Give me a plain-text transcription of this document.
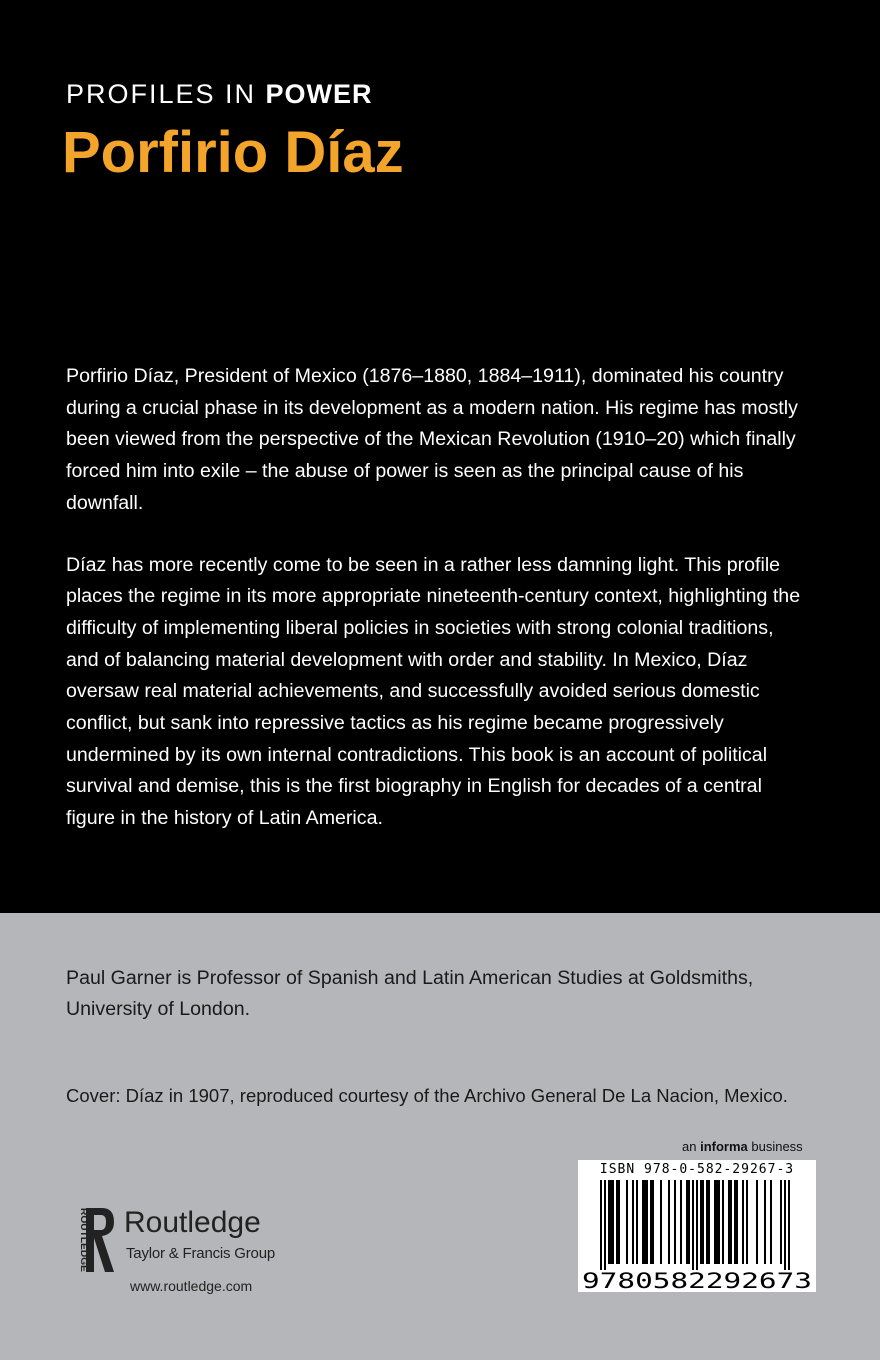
PROFILES IN POWER
Porfirio Díaz

Porfirio Díaz, President of Mexico (1876–1880, 1884–1911), dominated his country during a crucial phase in its development as a modern nation. His regime has mostly been viewed from the perspective of the Mexican Revolution (1910–20) which finally forced him into exile – the abuse of power is seen as the principal cause of his downfall.

Díaz has more recently come to be seen in a rather less damning light. This profile places the regime in its more appropriate nineteenth-century context, highlighting the difficulty of implementing liberal policies in societies with strong colonial traditions, and of balancing material development with order and stability. In Mexico, Díaz oversaw real material achievements, and successfully avoided serious domestic conflict, but sank into repressive tactics as his regime became progressively undermined by its own internal contradictions. This book is an account of political survival and demise, this is the first biography in English for decades of a central figure in the history of Latin America.

Paul Garner is Professor of Spanish and Latin American Studies at Goldsmiths, University of London.
Cover: Díaz in 1907, reproduced courtesy of the Archivo General De La Nacion, Mexico.
an informa business
ISBN 978-0-582-29267-3
9780582292673
ROUTLEDGE Routledge
Taylor & Francis Group
www.routledge.com
